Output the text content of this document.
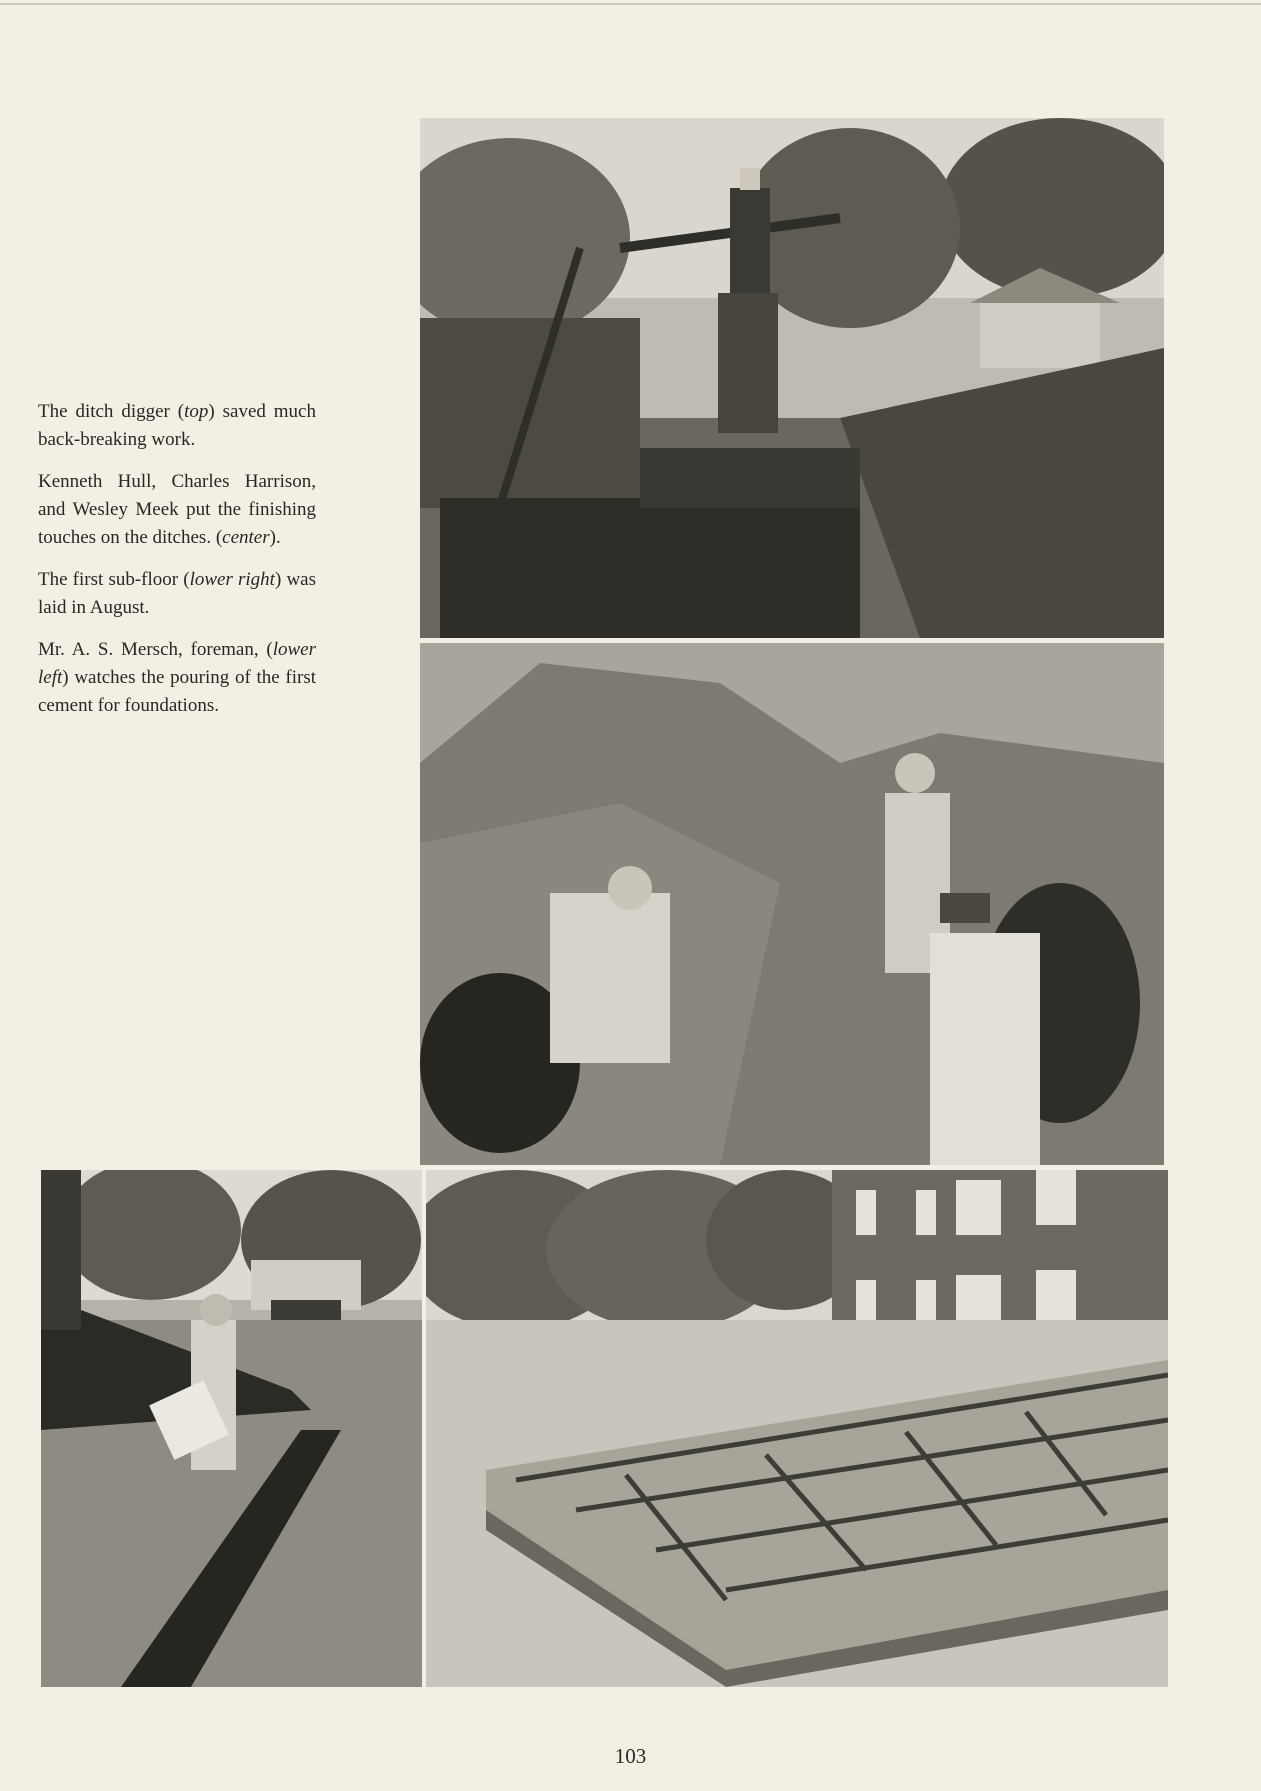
The ditch digger (top) saved much back-breaking work.

Kenneth Hull, Charles Harrison, and Wesley Meek put the finishing touches on the ditches. (center).

The first sub-floor (lower right) was laid in August.

Mr. A. S. Mersch, foreman, (lower left) watches the pouring of the first cement for foundations.

103
